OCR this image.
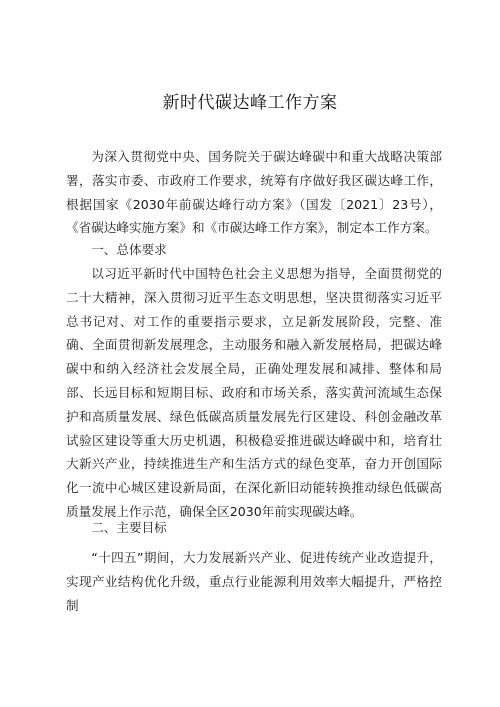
新时代碳达峰工作方案

为深入贯彻党中央、国务院关于碳达峰碳中和重大战略决策部署，落实市委、市政府工作要求，统筹有序做好我区碳达峰工作，根据国家《2030年前碳达峰行动方案》（国发〔2021〕23号），《省碳达峰实施方案》和《市碳达峰工作方案》，制定本工作方案。

一、总体要求

以习近平新时代中国特色社会主义思想为指导，全面贯彻党的二十大精神，深入贯彻习近平生态文明思想，坚决贯彻落实习近平总书记对、对工作的重要指示要求，立足新发展阶段，完整、准确、全面贯彻新发展理念，主动服务和融入新发展格局，把碳达峰碳中和纳入经济社会发展全局，正确处理发展和减排、整体和局部、长远目标和短期目标、政府和市场关系，落实黄河流域生态保护和高质量发展、绿色低碳高质量发展先行区建设、科创金融改革试验区建设等重大历史机遇，积极稳妥推进碳达峰碳中和，培育壮大新兴产业，持续推进生产和生活方式的绿色变革，奋力开创国际化一流中心城区建设新局面，在深化新旧动能转换推动绿色低碳高质量发展上作示范，确保全区2030年前实现碳达峰。

二、主要目标

“十四五”期间，大力发展新兴产业、促进传统产业改造提升，实现产业结构优化升级，重点行业能源利用效率大幅提升，严格控制
